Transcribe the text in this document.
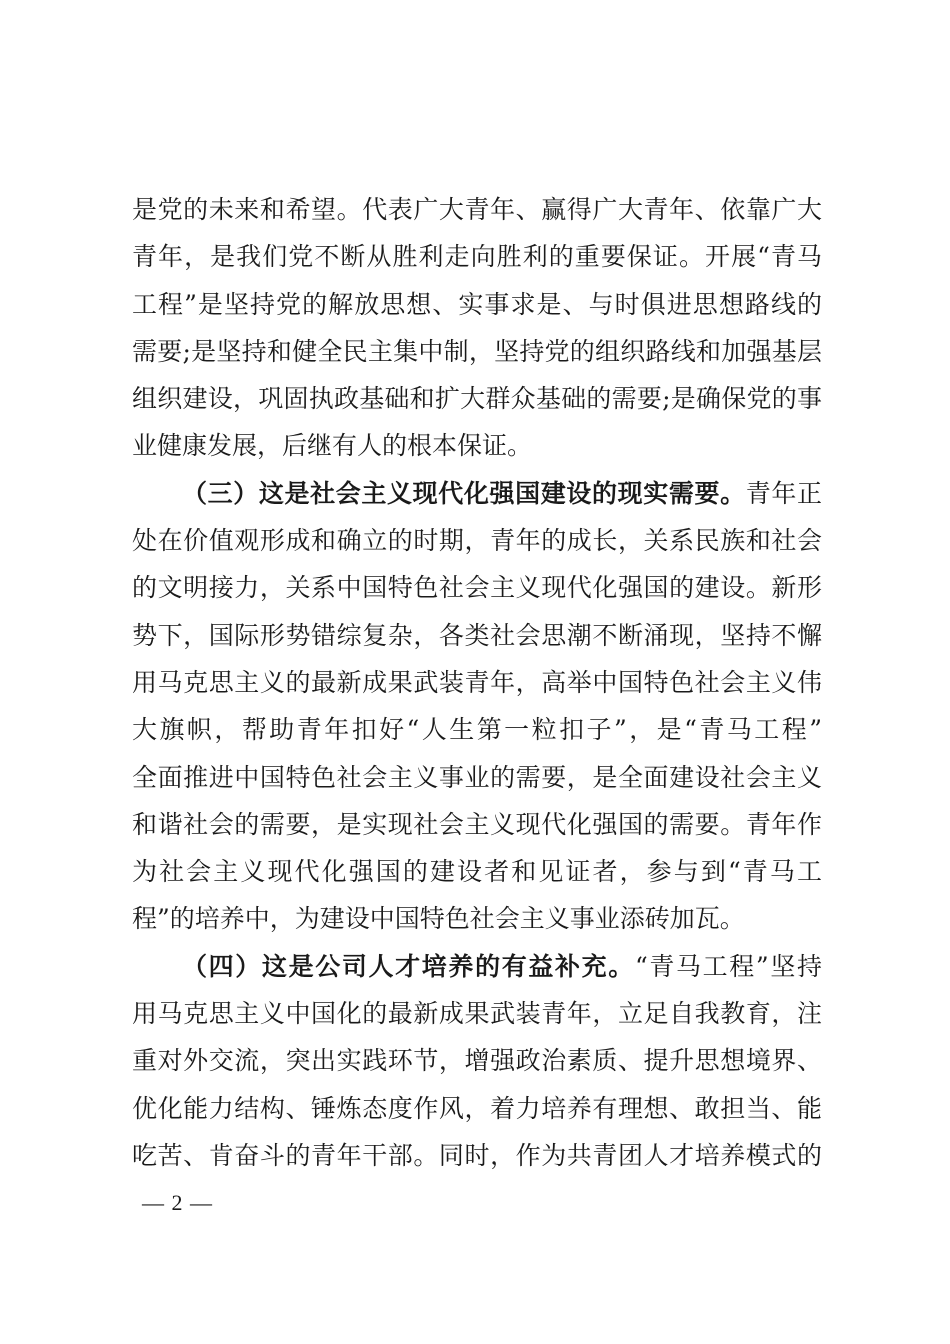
是党的未来和希望。代表广大青年、赢得广大青年、依靠广大
青年，是我们党不断从胜利走向胜利的重要保证。开展“青马
工程”是坚持党的解放思想、实事求是、与时俱进思想路线的
需要;是坚持和健全民主集中制，坚持党的组织路线和加强基层
组织建设，巩固执政基础和扩大群众基础的需要;是确保党的事
业健康发展，后继有人的根本保证。
（三）这是社会主义现代化强国建设的现实需要。青年正
处在价值观形成和确立的时期，青年的成长，关系民族和社会
的文明接力，关系中国特色社会主义现代化强国的建设。新形
势下，国际形势错综复杂，各类社会思潮不断涌现，坚持不懈
用马克思主义的最新成果武装青年，高举中国特色社会主义伟
大旗帜，帮助青年扣好“人生第一粒扣子”，是“青马工程”
全面推进中国特色社会主义事业的需要，是全面建设社会主义
和谐社会的需要，是实现社会主义现代化强国的需要。青年作
为社会主义现代化强国的建设者和见证者，参与到“青马工
程”的培养中，为建设中国特色社会主义事业添砖加瓦。
（四）这是公司人才培养的有益补充。“青马工程”坚持
用马克思主义中国化的最新成果武装青年，立足自我教育，注
重对外交流，突出实践环节，增强政治素质、提升思想境界、
优化能力结构、锤炼态度作风，着力培养有理想、敢担当、能
吃苦、肯奋斗的青年干部。同时，作为共青团人才培养模式的
— 2 —
